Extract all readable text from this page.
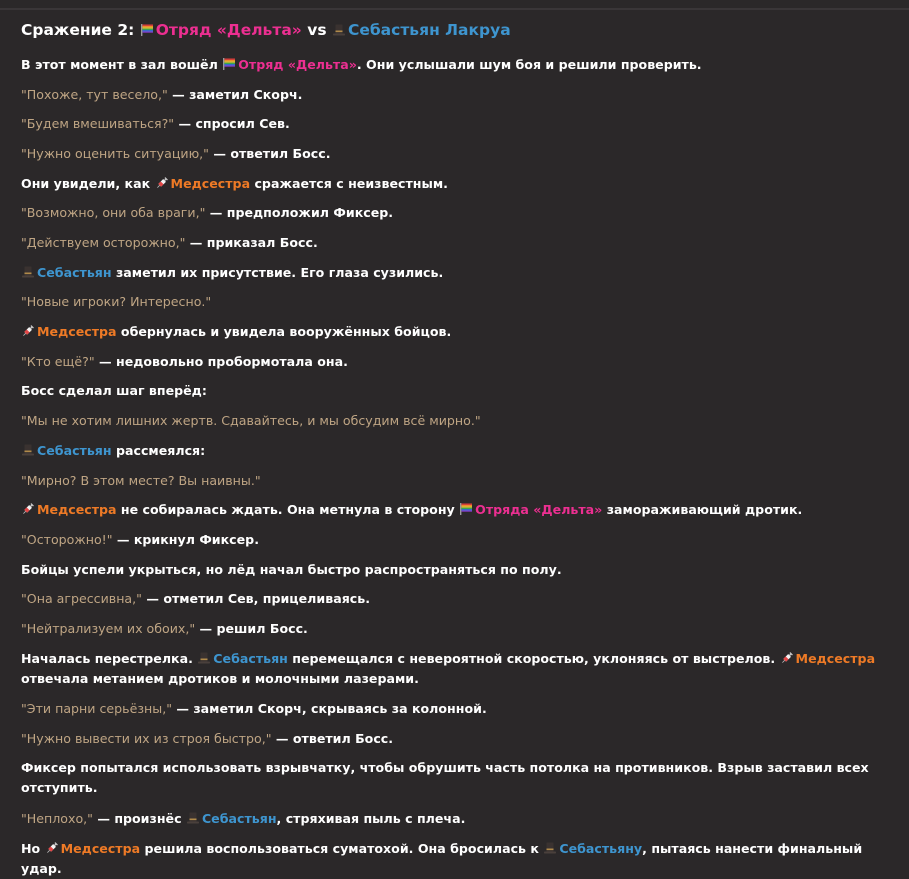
Сражение 2: Отряд «Дельта» vs Себастьян Лакруа
В этот момент в зал вошёл Отряд «Дельта». Они услышали шум боя и решили проверить.
"Похоже, тут весело," — заметил Скорч.
"Будем вмешиваться?" — спросил Сев.
"Нужно оценить ситуацию," — ответил Босс.
Они увидели, как Медсестра сражается с неизвестным.
"Возможно, они оба враги," — предположил Фиксер.
"Действуем осторожно," — приказал Босс.
Себастьян заметил их присутствие. Его глаза сузились.
"Новые игроки? Интересно."
Медсестра обернулась и увидела вооружённых бойцов.
"Кто ещё?" — недовольно пробормотала она.
Босс сделал шаг вперёд:
"Мы не хотим лишних жертв. Сдавайтесь, и мы обсудим всё мирно."
Себастьян рассмеялся:
"Мирно? В этом месте? Вы наивны."
Медсестра не собиралась ждать. Она метнула в сторону Отряда «Дельта» замораживающий дротик.
"Осторожно!" — крикнул Фиксер.
Бойцы успели укрыться, но лёд начал быстро распространяться по полу.
"Она агрессивна," — отметил Сев, прицеливаясь.
"Нейтрализуем их обоих," — решил Босс.
Началась перестрелка. Себастьян перемещался с невероятной скоростью, уклоняясь от выстрелов. Медсестра отвечала метанием дротиков и молочными лазерами.
"Эти парни серьёзны," — заметил Скорч, скрываясь за колонной.
"Нужно вывести их из строя быстро," — ответил Босс.
Фиксер попытался использовать взрывчатку, чтобы обрушить часть потолка на противников. Взрыв заставил всех отступить.
"Неплохо," — произнёс Себастьян, стряхивая пыль с плеча.
Но Медсестра решила воспользоваться суматохой. Она бросилась к Себастьяну, пытаясь нанести финальный удар.
